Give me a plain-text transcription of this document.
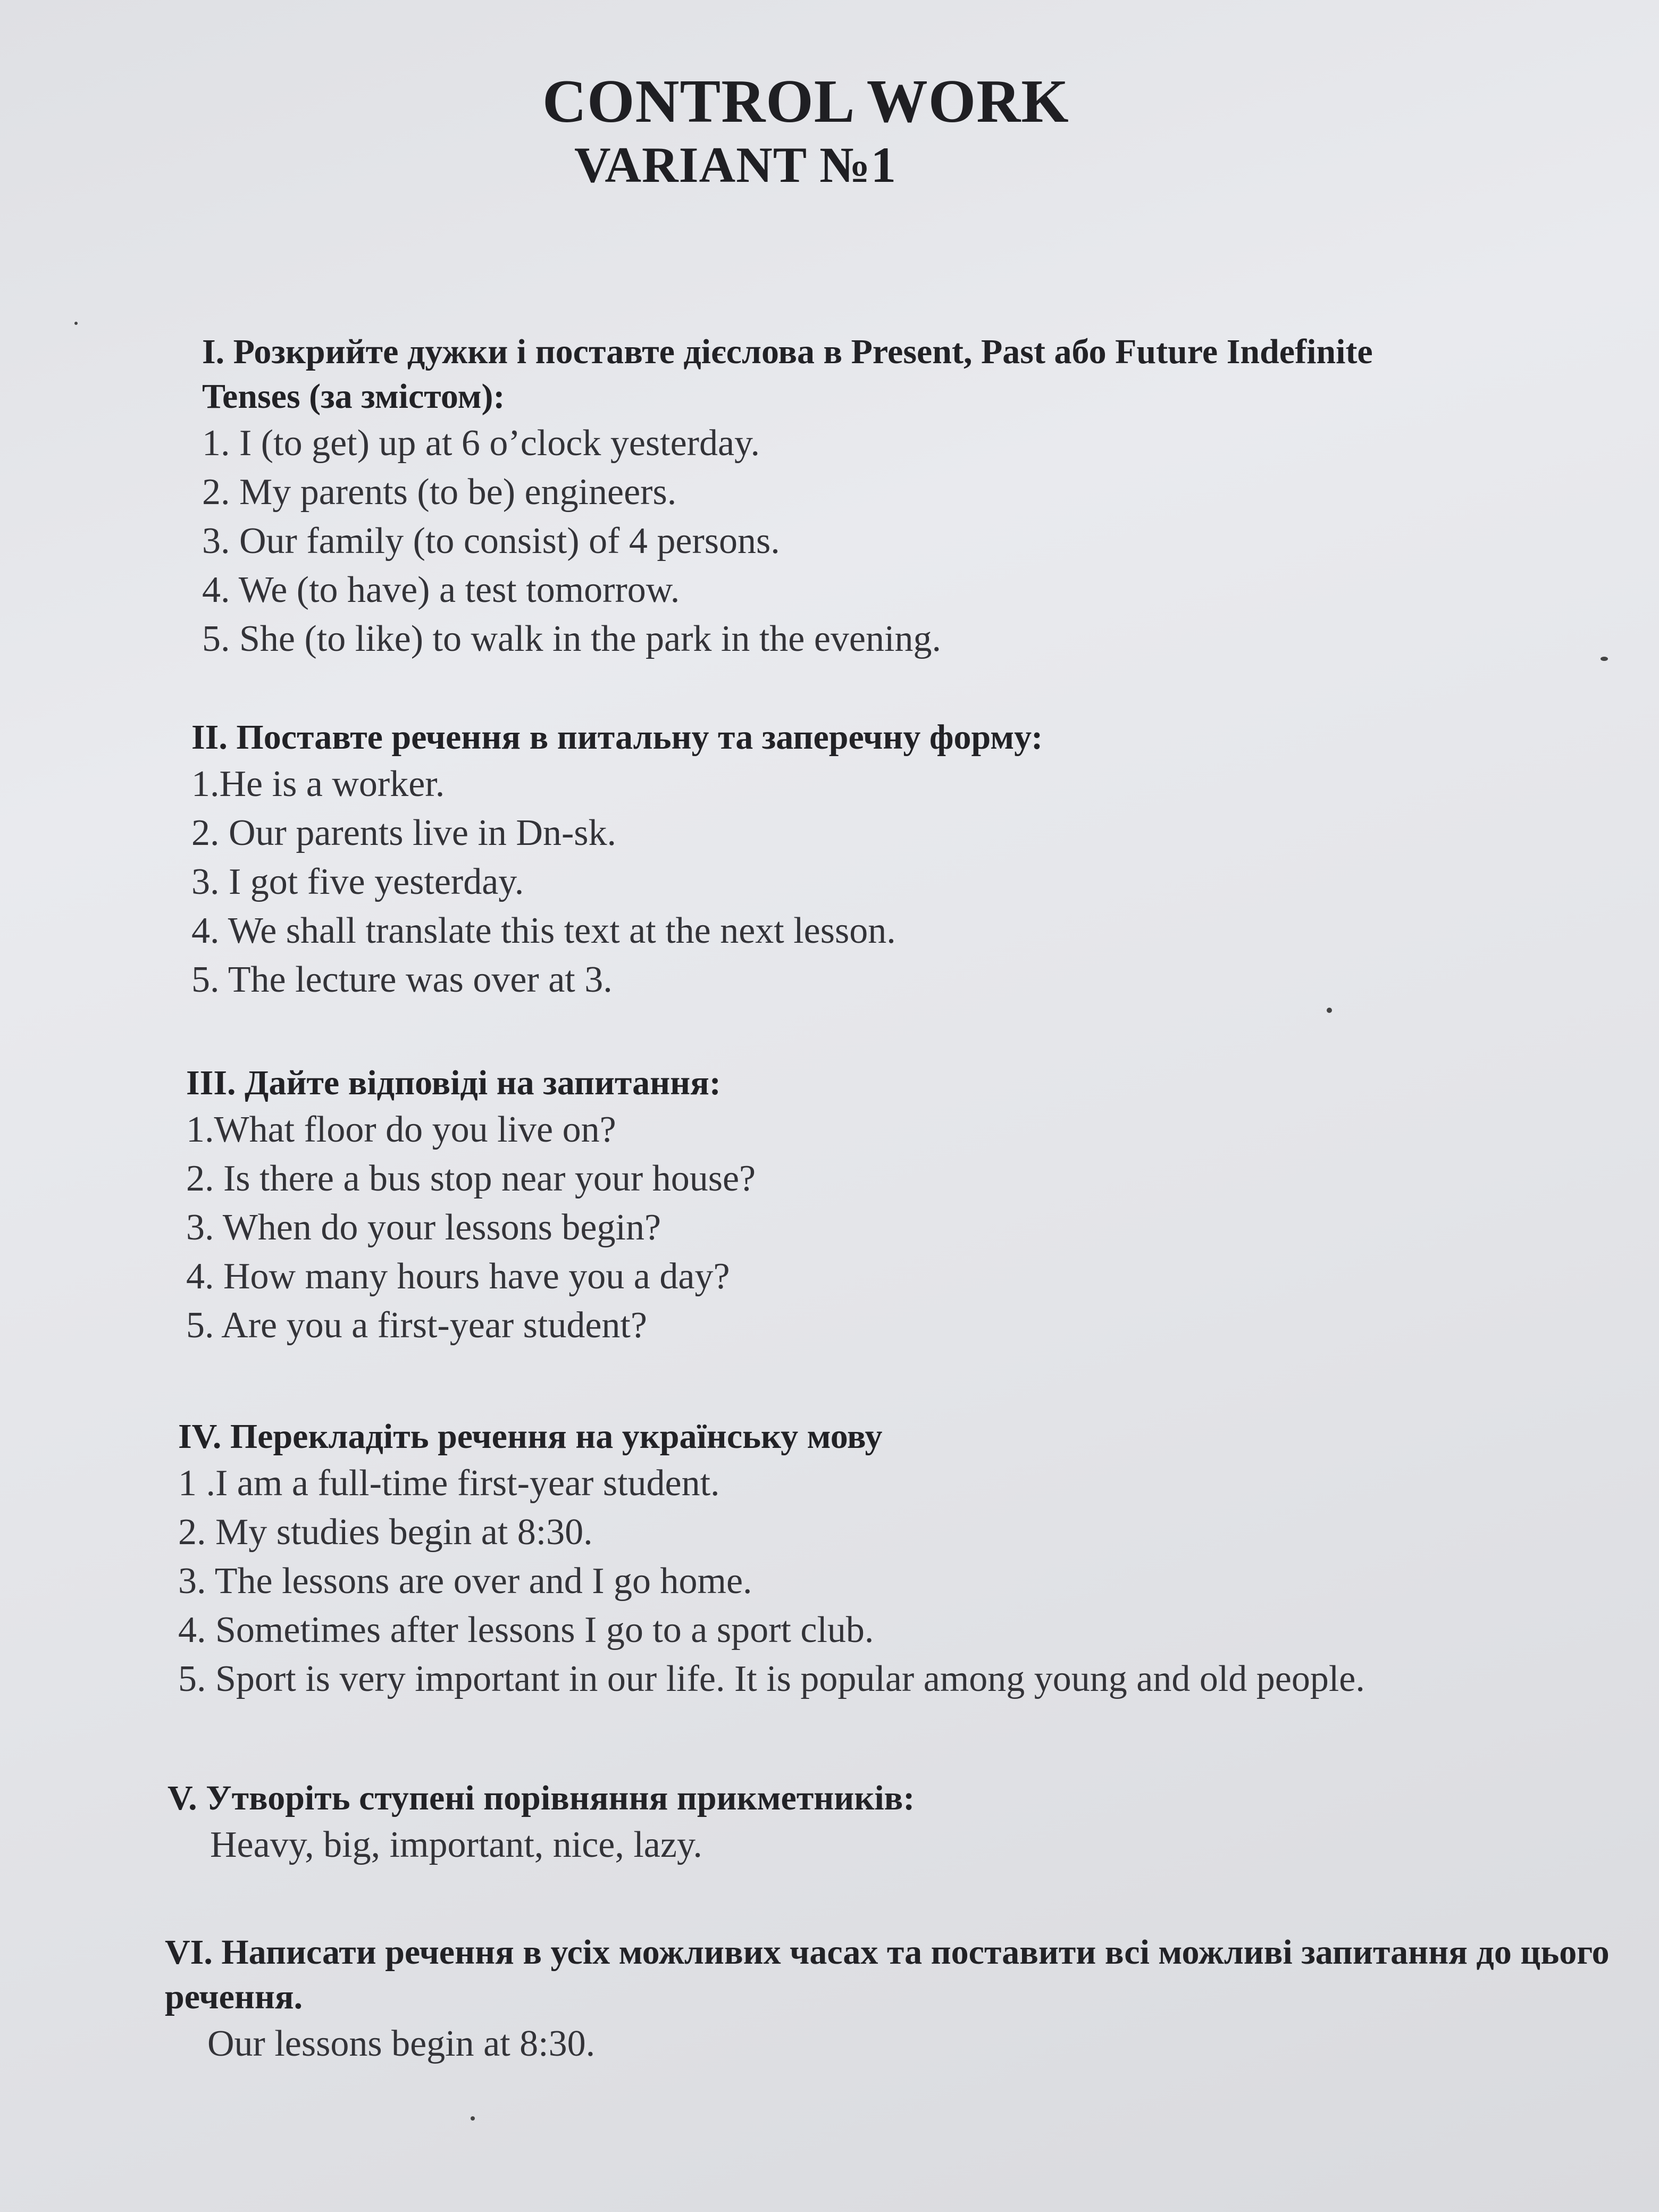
CONTROL WORK
VARIANT №1
I. Розкрийте дужки і поставте дієслова в Present, Past або Future Indefinite Tenses (за змістом):
1. I (to get) up at 6 o’clock yesterday.
2. My parents (to be) engineers.
3. Our family (to consist) of 4 persons.
4. We (to have) a test tomorrow.
5. She (to like) to walk in the park in the evening.
II. Поставте речення в питальну та заперечну форму:
1.He is a worker.
2. Our parents live in Dn-sk.
3. I got five yesterday.
4. We shall translate this text at the next lesson.
5. The lecture was over at 3.
III. Дайте відповіді на запитання:
1.What floor do you live on?
2. Is there a bus stop near your house?
3. When do your lessons begin?
4. How many hours have you a day?
5. Are you a first-year student?
IV. Перекладіть речення на українську мову
1 .I am a full-time first-year student.
2. My studies begin at 8:30.
3. The lessons are over and I go home.
4. Sometimes after lessons I go to a sport club.
5. Sport is very important in our life. It is popular among young and old people.
V. Утворіть ступені порівняння прикметників:
Heavy, big, important, nice, lazy.
VI. Написати речення в усіх можливих часах та поставити всі можливі запитання до цього речення.
Our lessons begin at 8:30.
